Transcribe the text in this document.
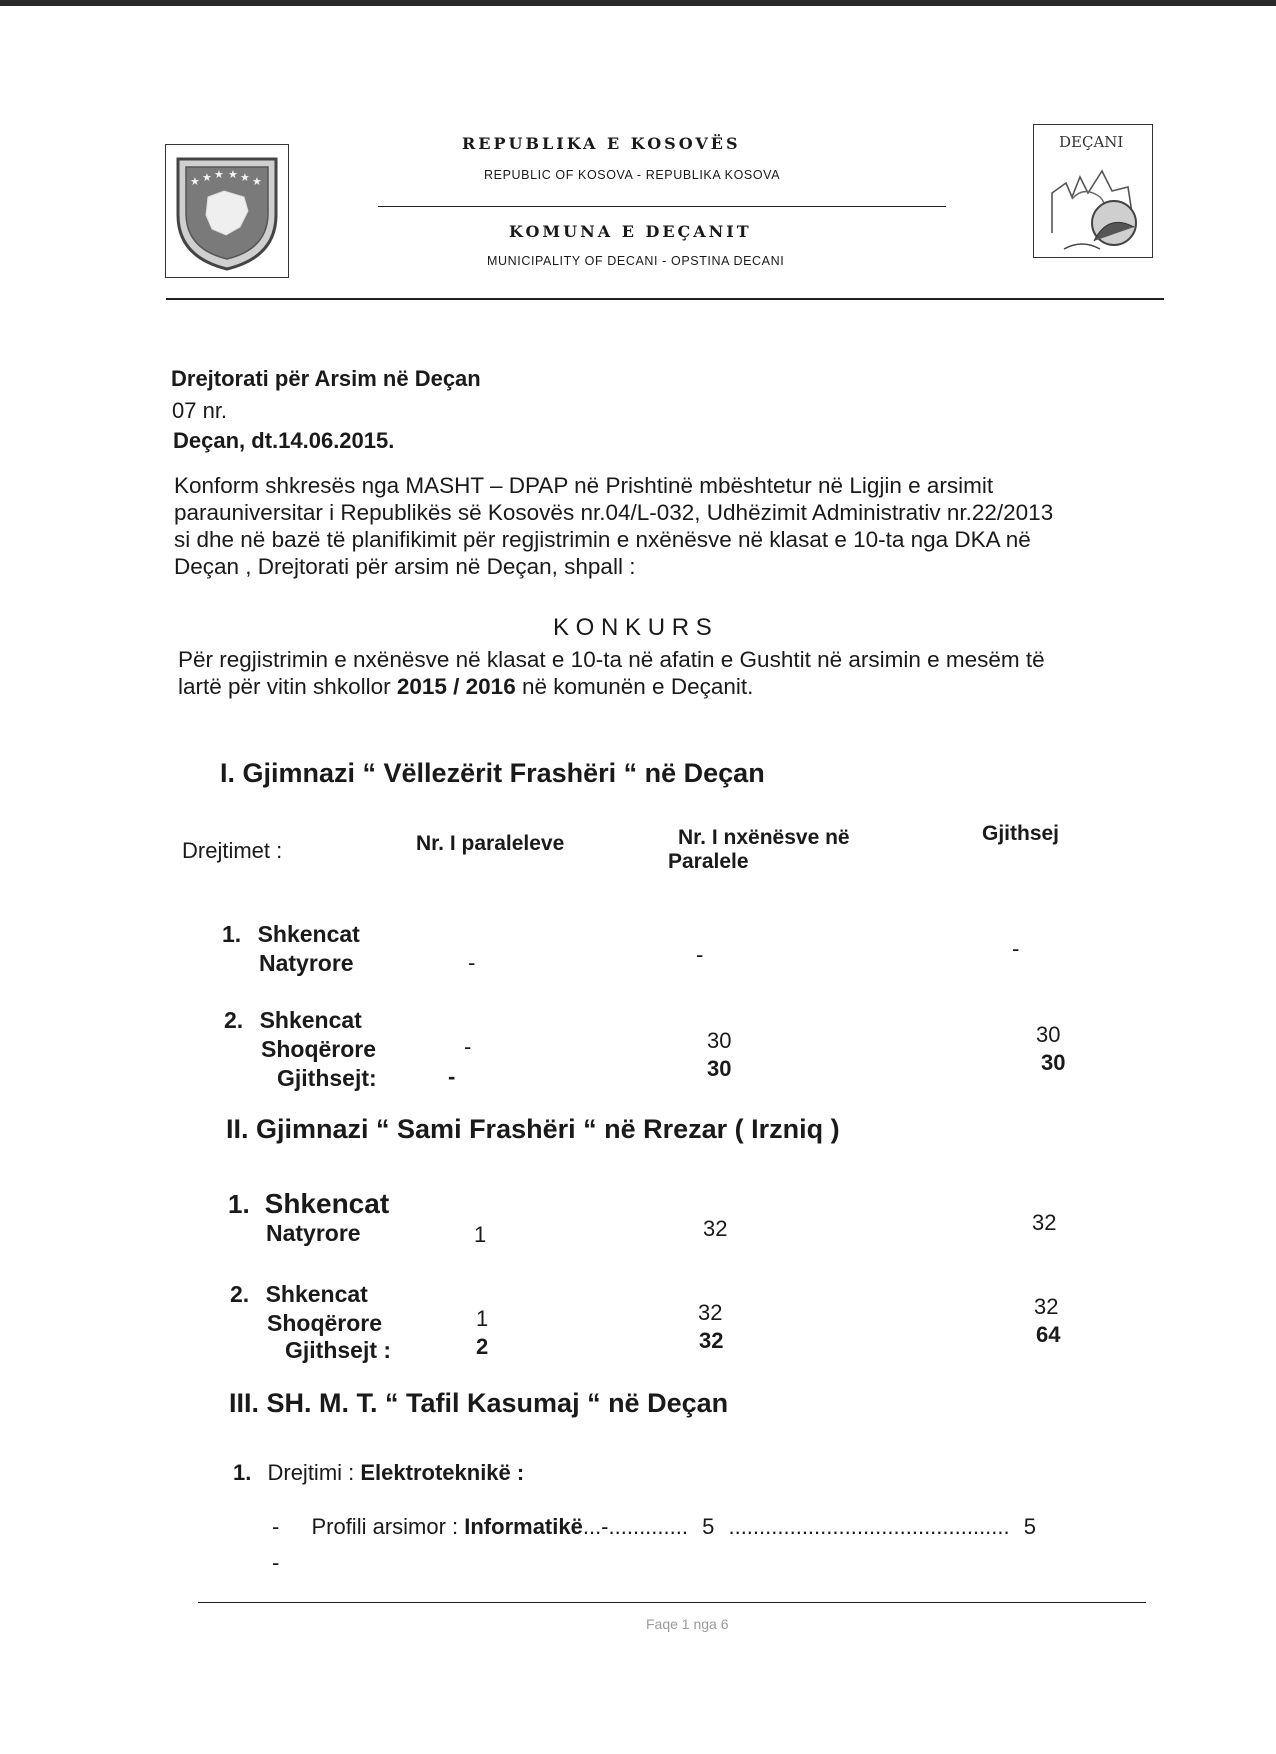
★ ★ ★ ★ ★ ★
REPUBLIKA E KOSOVËS
REPUBLIC OF KOSOVA - REPUBLIKA KOSOVA
KOMUNA E DEÇANIT
MUNICIPALITY OF DECANI - OPSTINA DECANI
DEÇANI
Drejtorati për Arsim në Deçan
07 nr.
Deçan, dt.14.06.2015.
Konform shkresës nga MASHT – DPAP në Prishtinë mbështetur në Ligjin e arsimit
parauniversitar i Republikës së Kosovës nr.04/L-032, Udhëzimit Administrativ nr.22/2013
si dhe në bazë të planifikimit për regjistrimin e nxënësve në klasat e 10-ta nga DKA në
Deçan , Drejtorati për arsim në Deçan, shpall :
K O N K U R S
Për regjistrimin e nxënësve në klasat e 10-ta në afatin e Gushtit në arsimin e mesëm të
lartë për vitin shkollor 2015 / 2016 në komunën e Deçanit.
I. Gjimnazi “ Vëllezërit Frashëri “ në Deçan
Drejtimet :	Nr. I paraleleve	Nr. I nxënësve në
Paralele
Gjithsej
1. Shkencat
Natyrore	-	-	-
2. Shkencat
Shoqërore	-	30	30
Gjithsejt:	-	30	30
II. Gjimnazi “ Sami Frashëri “ në Rrezar ( Irzniq )
1. Shkencat
Natyrore	1	32	32
2. Shkencat
Shoqërore	1	32	32
Gjithsejt :	2	32	64
III. SH. M. T. “ Tafil Kasumaj “ në Deçan
1. Drejtimi : Elektroteknikë :
- Profili arsimor : Informatikë...-............. 5 .............................................. 5
-
Faqe 1 nga 6
